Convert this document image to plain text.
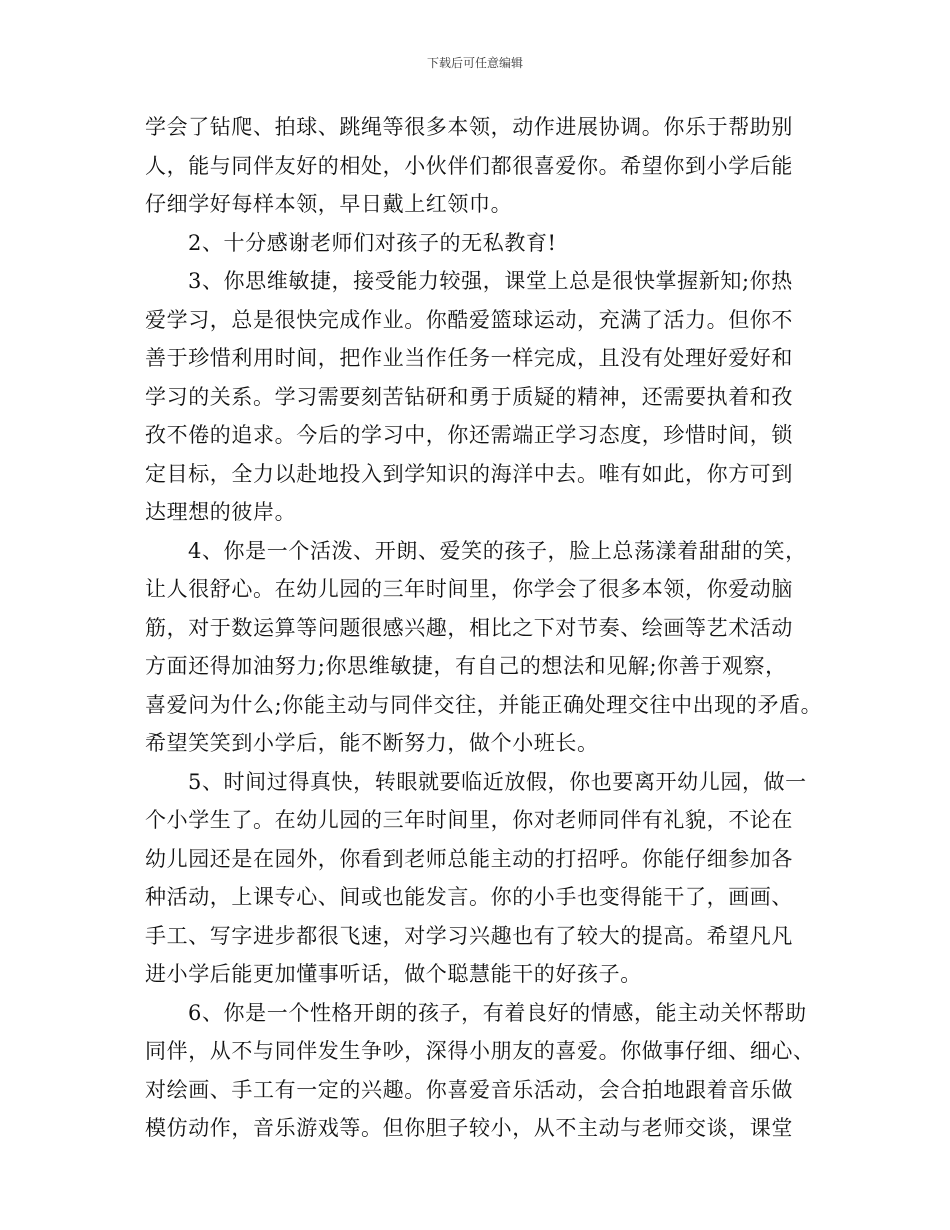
下载后可任意编辑
学会了钻爬、拍球、跳绳等很多本领，动作进展协调。你乐于帮助别
人，能与同伴友好的相处，小伙伴们都很喜爱你。希望你到小学后能
仔细学好每样本领，早日戴上红领巾。
2、十分感谢老师们对孩子的无私教育!
3、你思维敏捷，接受能力较强，课堂上总是很快掌握新知;你热
爱学习，总是很快完成作业。你酷爱篮球运动，充满了活力。但你不
善于珍惜利用时间，把作业当作任务一样完成，且没有处理好爱好和
学习的关系。学习需要刻苦钻研和勇于质疑的精神，还需要执着和孜
孜不倦的追求。今后的学习中，你还需端正学习态度，珍惜时间，锁
定目标，全力以赴地投入到学知识的海洋中去。唯有如此，你方可到
达理想的彼岸。
4、你是一个活泼、开朗、爱笑的孩子，脸上总荡漾着甜甜的笑，
让人很舒心。在幼儿园的三年时间里，你学会了很多本领，你爱动脑
筋，对于数运算等问题很感兴趣，相比之下对节奏、绘画等艺术活动
方面还得加油努力;你思维敏捷，有自己的想法和见解;你善于观察，
喜爱问为什么;你能主动与同伴交往，并能正确处理交往中出现的矛盾。
希望笑笑到小学后，能不断努力，做个小班长。
5、时间过得真快，转眼就要临近放假，你也要离开幼儿园，做一
个小学生了。在幼儿园的三年时间里，你对老师同伴有礼貌，不论在
幼儿园还是在园外，你看到老师总能主动的打招呼。你能仔细参加各
种活动，上课专心、间或也能发言。你的小手也变得能干了，画画、
手工、写字进步都很飞速，对学习兴趣也有了较大的提高。希望凡凡
进小学后能更加懂事听话，做个聪慧能干的好孩子。
6、你是一个性格开朗的孩子，有着良好的情感，能主动关怀帮助
同伴，从不与同伴发生争吵，深得小朋友的喜爱。你做事仔细、细心、
对绘画、手工有一定的兴趣。你喜爱音乐活动，会合拍地跟着音乐做
模仿动作，音乐游戏等。但你胆子较小，从不主动与老师交谈，课堂
